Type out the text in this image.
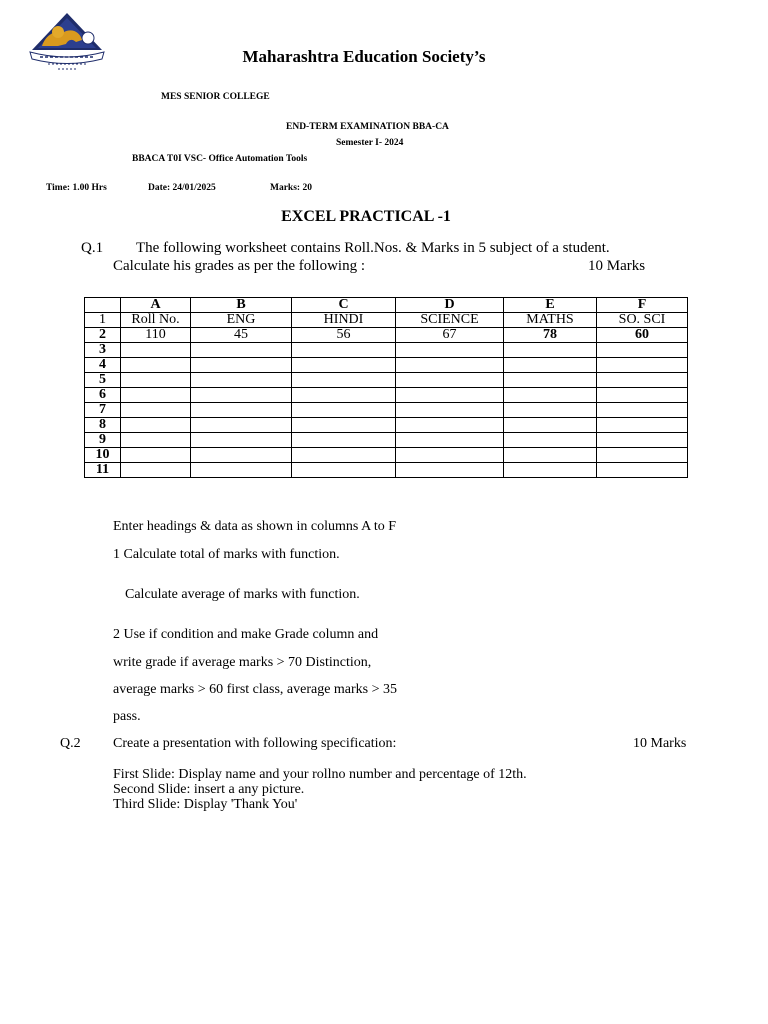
Maharashtra Education Society’s
MES SENIOR COLLEGE
END-TERM EXAMINATION BBA-CA
Semester I- 2024
BBACA T0I VSC- Office Automation Tools
Time: 1.00 Hrs	Date: 24/01/2025	Marks: 20
EXCEL PRACTICAL -1
Q.1 The following worksheet contains Roll.Nos. & Marks in 5 subject of a student.
Calculate his grades as per the following :	10 Marks
	A	B	C	D	E	F
1	Roll No.	ENG	HINDI	SCIENCE	MATHS	SO. SCI
2	110	45	56	67	78	60
3						
4						
5						
6						
7						
8						
9						
10						
11						
Enter headings & data as shown in columns A to F
1 Calculate total of marks with function.
Calculate average of marks with function.
2 Use if condition and make Grade column and
write grade if average marks > 70 Distinction,
average marks > 60 first class, average marks > 35
pass.
Q.2 Create a presentation with following specification:	10 Marks
First Slide: Display name and your rollno number and percentage of 12th.
Second Slide: insert a any picture.
Third Slide: Display 'Thank You'
